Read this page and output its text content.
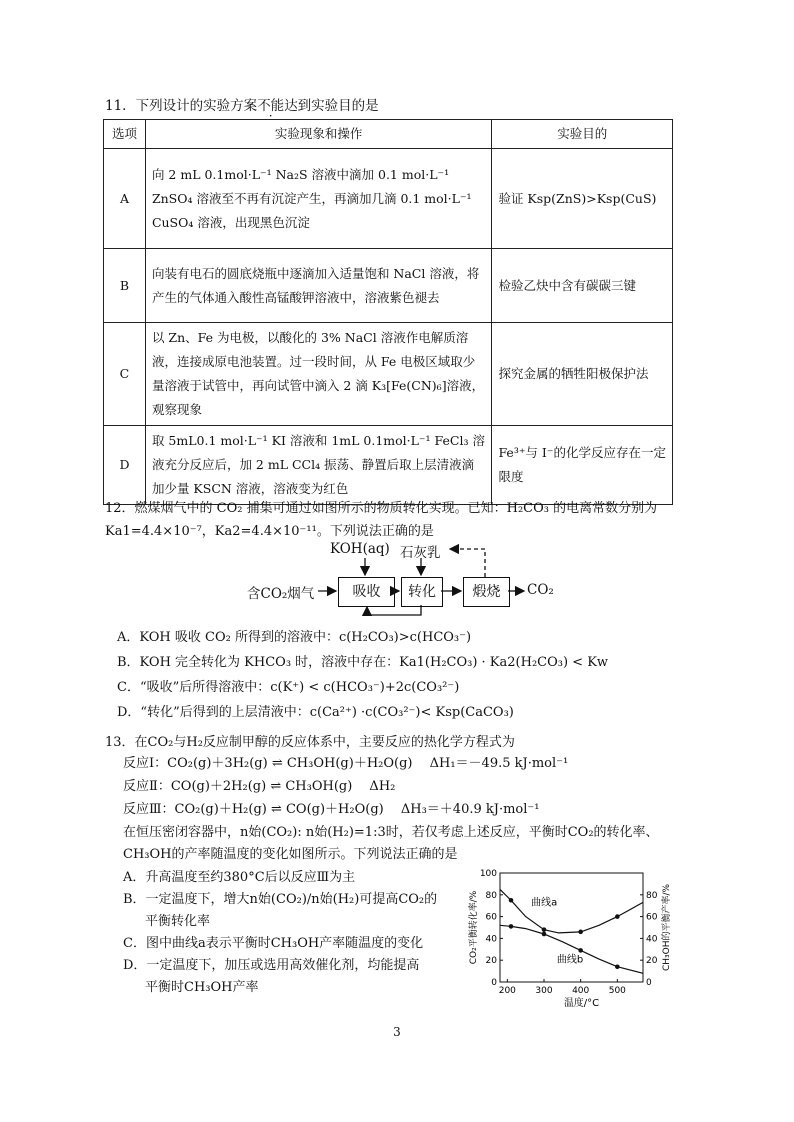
11．下列设计的实验方案不能达到实验目的是
选项	实验现象和操作	实验目的
A	向 2 mL 0.1mol·L⁻¹ Na₂S 溶液中滴加 0.1 mol·L⁻¹ ZnSO₄ 溶液至不再有沉淀产生，再滴加几滴 0.1 mol·L⁻¹ CuSO₄ 溶液，出现黑色沉淀	验证 Ksp(ZnS)>Ksp(CuS)
B	向装有电石的圆底烧瓶中逐滴加入适量饱和 NaCl 溶液，将产生的气体通入酸性高锰酸钾溶液中，溶液紫色褪去	检验乙炔中含有碳碳三键
C	以 Zn、Fe 为电极，以酸化的 3% NaCl 溶液作电解质溶液，连接成原电池装置。过一段时间，从 Fe 电极区域取少量溶液于试管中，再向试管中滴入 2 滴 K₃[Fe(CN)₆]溶液，观察现象	探究金属的牺牲阳极保护法
D	取 5mL0.1 mol·L⁻¹ KI 溶液和 1mL 0.1mol·L⁻¹ FeCl₃ 溶液充分反应后，加 2 mL CCl₄ 振荡、静置后取上层清液滴加少量 KSCN 溶液，溶液变为红色	Fe³⁺与 I⁻的化学反应存在一定限度
12．燃煤烟气中的 CO₂ 捕集可通过如图所示的物质转化实现。已知：H₂CO₃ 的电离常数分别为
Ka1=4.4×10⁻⁷，Ka2=4.4×10⁻¹¹。下列说法正确的是
KOH(aq) 石灰乳
含CO₂烟气	吸收	转化	煅烧	CO₂
A．KOH 吸收 CO₂ 所得到的溶液中：c(H₂CO₃)>c(HCO₃⁻)
B．KOH 完全转化为 KHCO₃ 时，溶液中存在：Ka1(H₂CO₃) · Ka2(H₂CO₃) < Kw
C．“吸收”后所得溶液中：c(K⁺) < c(HCO₃⁻)+2c(CO₃²⁻)
D．“转化”后得到的上层清液中：c(Ca²⁺) ·c(CO₃²⁻)< Ksp(CaCO₃)
13．在CO₂与H₂反应制甲醇的反应体系中，主要反应的热化学方程式为
反应Ⅰ：CO₂(g)＋3H₂(g) ⇌ CH₃OH(g)＋H₂O(g)　 ΔH₁＝－49.5 kJ·mol⁻¹
反应Ⅱ：CO(g)＋2H₂(g) ⇌ CH₃OH(g)　 ΔH₂
反应Ⅲ：CO₂(g)＋H₂(g) ⇌ CO(g)＋H₂O(g)　 ΔH₃＝＋40.9 kJ·mol⁻¹
在恒压密闭容器中，n始(CO₂): n始(H₂)=1:3时，若仅考虑上述反应，平衡时CO₂的转化率、
CH₃OH的产率随温度的变化如图所示。下列说法正确的是
A．升高温度至约380°C后以反应Ⅲ为主
B．一定温度下，增大n始(CO₂)/n始(H₂)可提高CO₂的
平衡转化率
C．图中曲线a表示平衡时CH₃OH产率随温度的变化
D．一定温度下，加压或选用高效催化剂，均能提高
平衡时CH₃OH产率	200 300 400 500
0
20
40
60
80
100
0
20
40
60
80
温度/°C
CO₂平衡转化率/%	CH₃OH的平衡产率/%
曲线a
曲线b
3
